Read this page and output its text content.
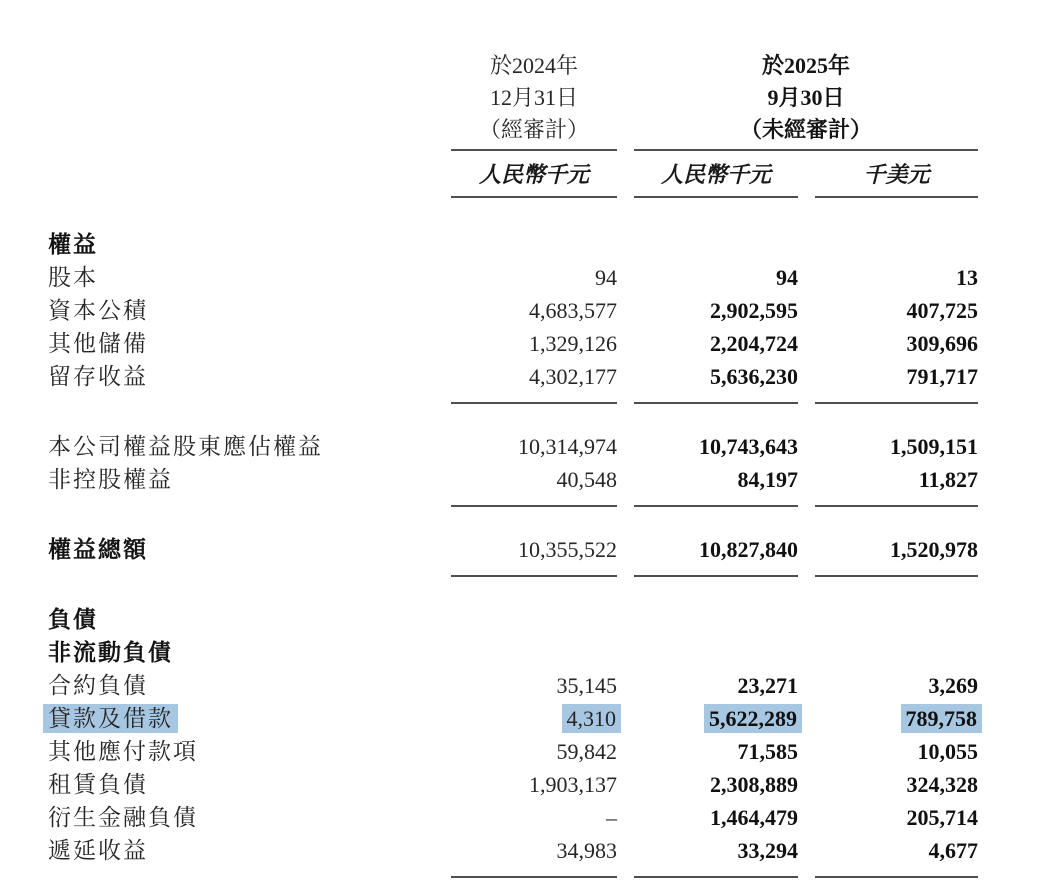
於2024年
12月31日
（經審計）
於2025年
9月30日
（未經審計）
人民幣千元	人民幣千元	千美元
權益
股本	94	94	13
資本公積	4,683,577	2,902,595	407,725
其他儲備	1,329,126	2,204,724	309,696
留存收益	4,302,177	5,636,230	791,717
本公司權益股東應佔權益	10,314,974	10,743,643	1,509,151
非控股權益	40,548	84,197	11,827
權益總額	10,355,522	10,827,840	1,520,978
負債
非流動負債
合約負債	35,145	23,271	3,269
貸款及借款	4,310	5,622,289	789,758
其他應付款項	59,842	71,585	10,055
租賃負債	1,903,137	2,308,889	324,328
衍生金融負債	–	1,464,479	205,714
遞延收益	34,983	33,294	4,677
